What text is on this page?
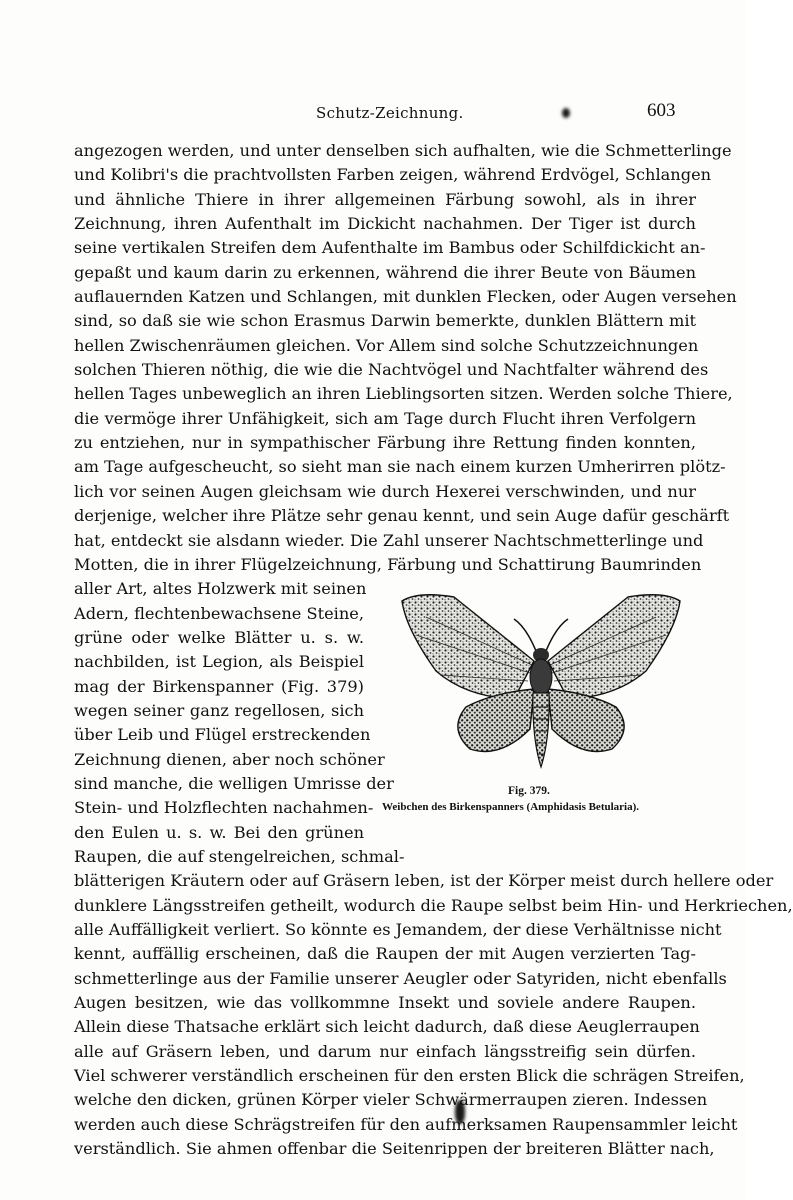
Schutz-Zeichnung.	603
angezogen werden, und unter denselben sich aufhalten, wie die Schmetterlinge
und Kolibri's die prachtvollsten Farben zeigen, während Erdvögel, Schlangen
und ähnliche Thiere in ihrer allgemeinen Färbung sowohl, als in ihrer
Zeichnung, ihren Aufenthalt im Dickicht nachahmen. Der Tiger ist durch
seine vertikalen Streifen dem Aufenthalte im Bambus oder Schilfdickicht an-
gepaßt und kaum darin zu erkennen, während die ihrer Beute von Bäumen
auflauernden Katzen und Schlangen, mit dunklen Flecken, oder Augen versehen
sind, so daß sie wie schon Erasmus Darwin bemerkte, dunklen Blättern mit
hellen Zwischenräumen gleichen. Vor Allem sind solche Schutzzeichnungen
solchen Thieren nöthig, die wie die Nachtvögel und Nachtfalter während des
hellen Tages unbeweglich an ihren Lieblingsorten sitzen. Werden solche Thiere,
die vermöge ihrer Unfähigkeit, sich am Tage durch Flucht ihren Verfolgern
zu entziehen, nur in sympathischer Färbung ihre Rettung finden konnten,
am Tage aufgescheucht, so sieht man sie nach einem kurzen Umherirren plötz-
lich vor seinen Augen gleichsam wie durch Hexerei verschwinden, und nur
derjenige, welcher ihre Plätze sehr genau kennt, und sein Auge dafür geschärft
hat, entdeckt sie alsdann wieder. Die Zahl unserer Nachtschmetterlinge und
Motten, die in ihrer Flügelzeichnung, Färbung und Schattirung Baumrinden
aller Art, altes Holzwerk mit seinen
Adern, flechtenbewachsene Steine,
grüne oder welke Blätter u. s. w.
nachbilden, ist Legion, als Beispiel
mag der Birkenspanner (Fig. 379)
wegen seiner ganz regellosen, sich
über Leib und Flügel erstreckenden
Zeichnung dienen, aber noch schöner
sind manche, die welligen Umrisse der
Stein- und Holzflechten nachahmen-
Fig. 379.
Weibchen des Birkenspanners (Amphidasis Betularia).
den Eulen u. s. w. Bei den grünen
Raupen, die auf stengelreichen, schmal-
blätterigen Kräutern oder auf Gräsern leben, ist der Körper meist durch hellere oder
dunklere Längsstreifen getheilt, wodurch die Raupe selbst beim Hin- und Herkriechen,
alle Auffälligkeit verliert. So könnte es Jemandem, der diese Verhältnisse nicht
kennt, auffällig erscheinen, daß die Raupen der mit Augen verzierten Tag-
schmetterlinge aus der Familie unserer Aeugler oder Satyriden, nicht ebenfalls
Augen besitzen, wie das vollkommne Insekt und soviele andere Raupen.
Allein diese Thatsache erklärt sich leicht dadurch, daß diese Aeuglerraupen
alle auf Gräsern leben, und darum nur einfach längsstreifig sein dürfen.
Viel schwerer verständlich erscheinen für den ersten Blick die schrägen Streifen,
welche den dicken, grünen Körper vieler Schwärmerraupen zieren. Indessen
werden auch diese Schrägstreifen für den aufmerksamen Raupensammler leicht
verständlich. Sie ahmen offenbar die Seitenrippen der breiteren Blätter nach,
